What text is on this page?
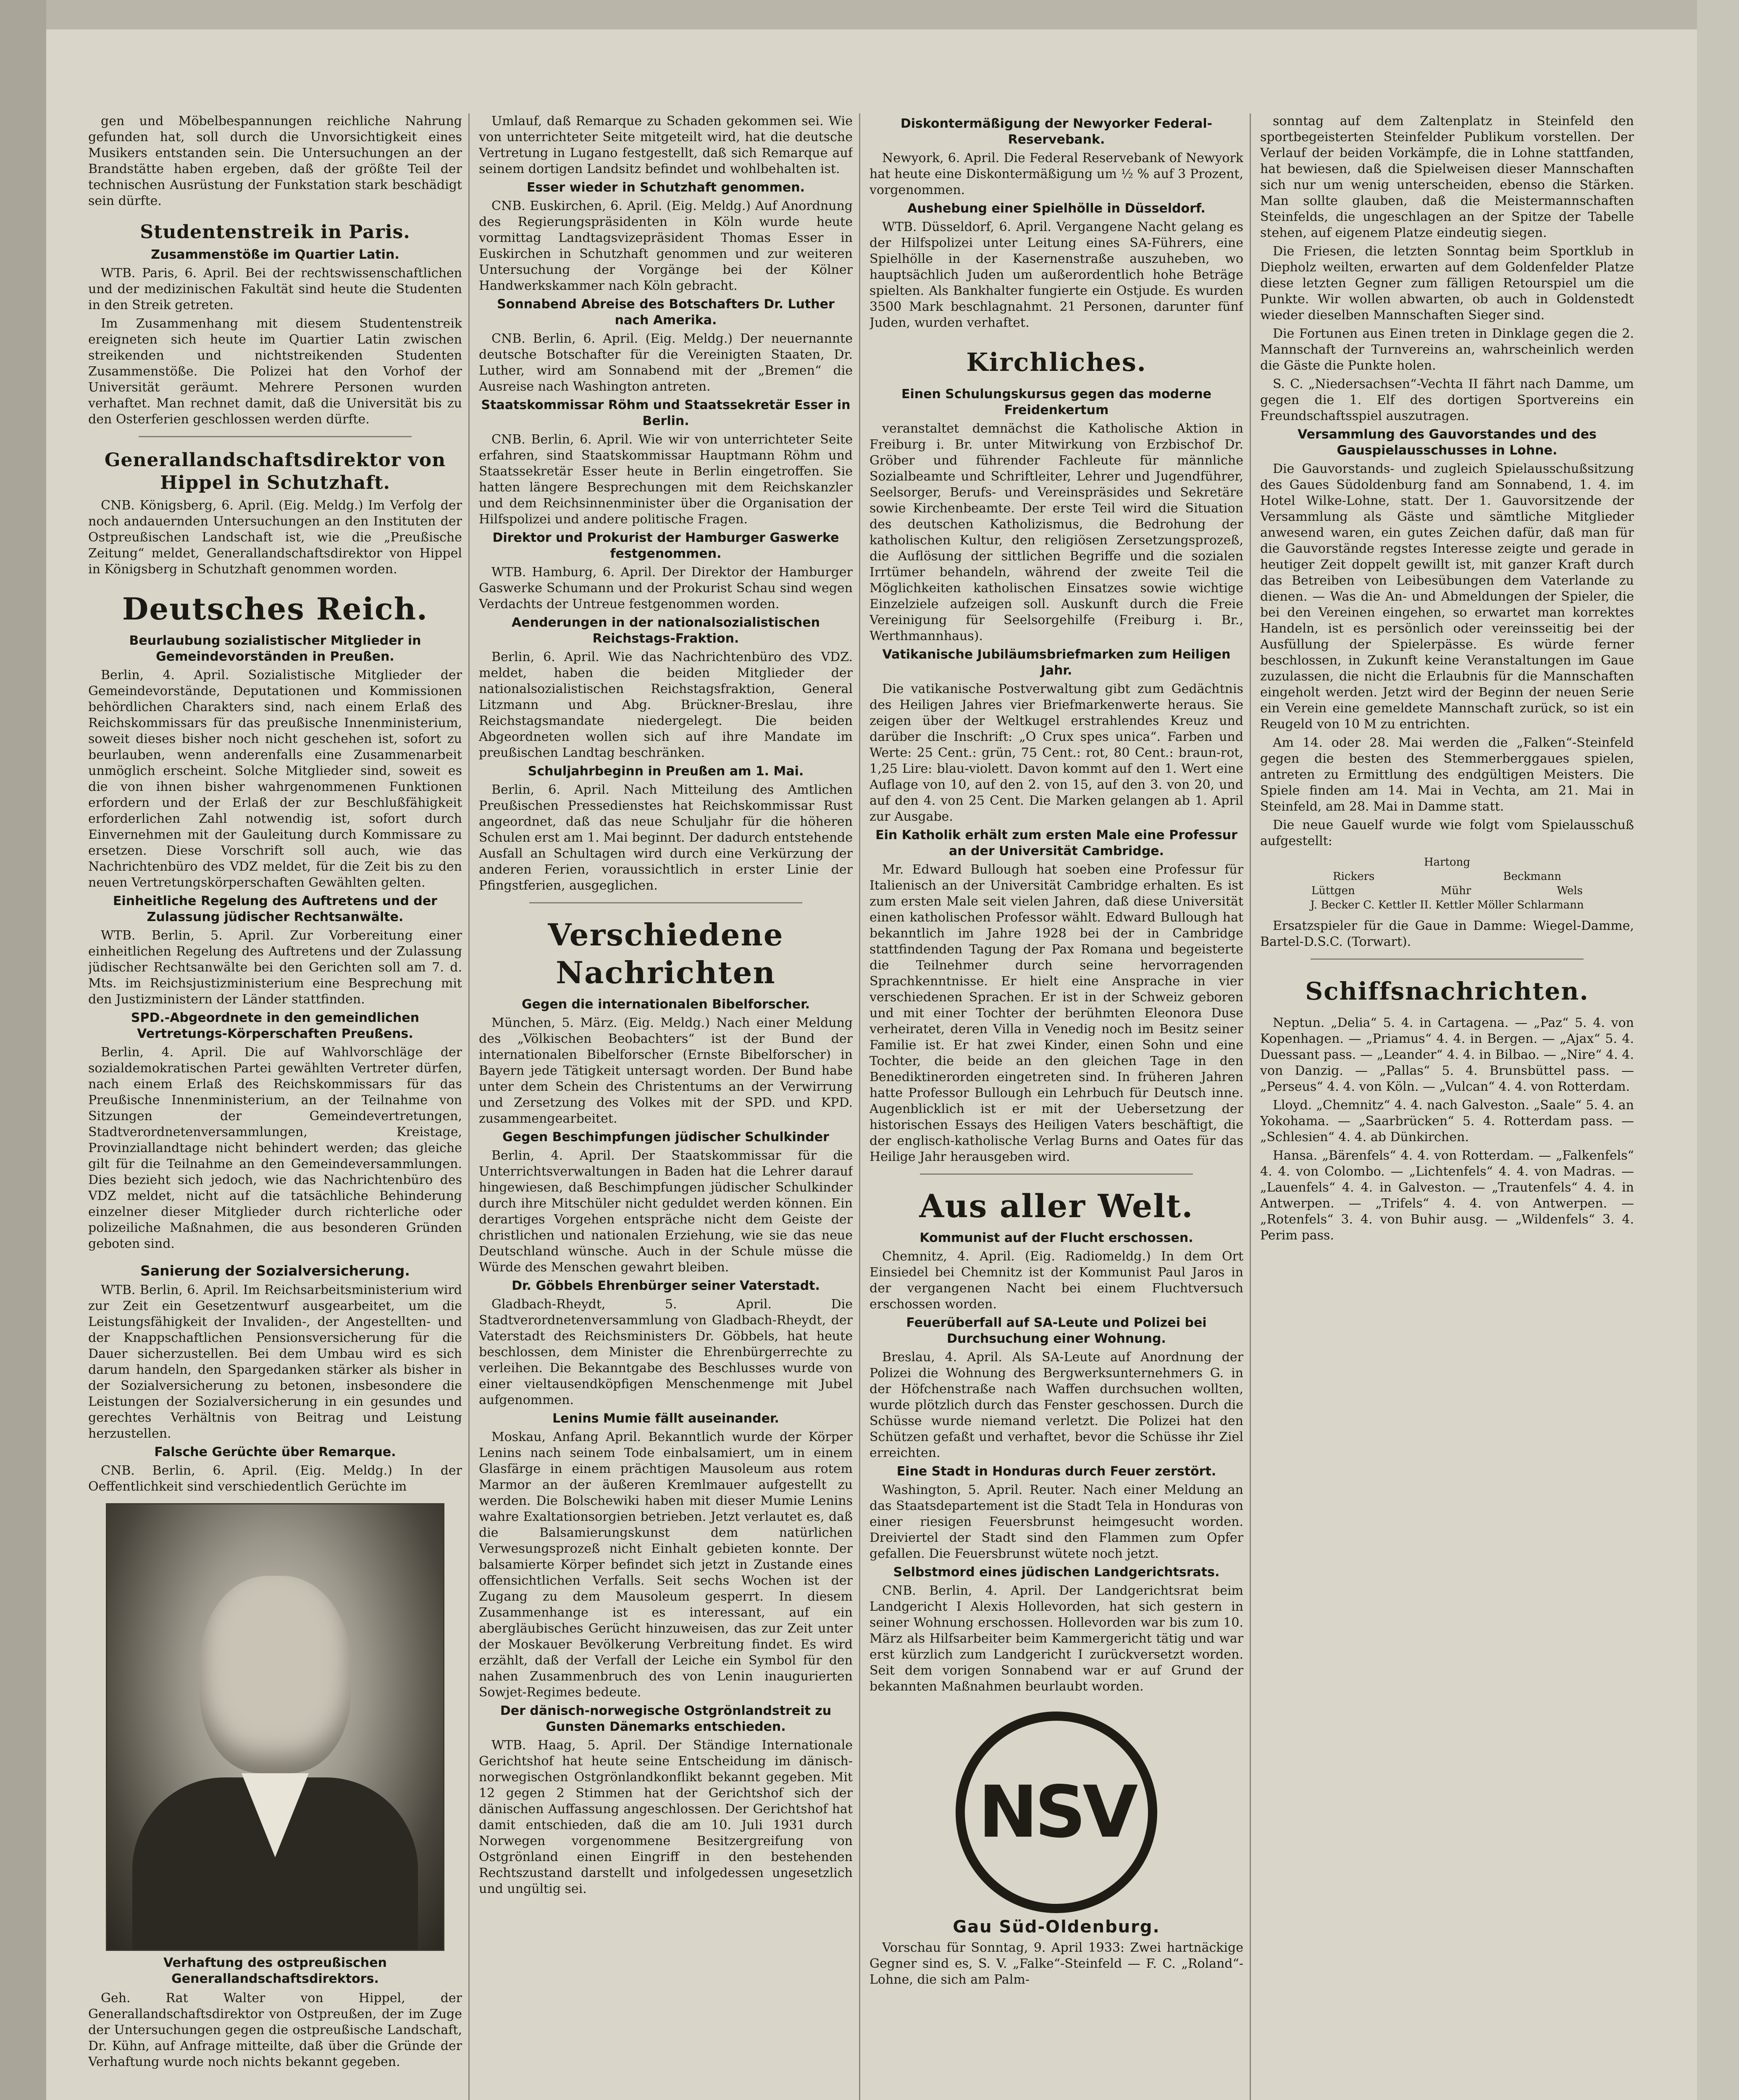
gen und Möbelbespannungen reichliche Nahrung gefunden hat, soll durch die Unvorsichtigkeit eines Musikers entstanden sein. Die Untersuchungen an der Brandstätte haben ergeben, daß der größte Teil der technischen Ausrüstung der Funkstation stark beschädigt sein dürfte.

Studentenstreik in Paris.
Zusammenstöße im Quartier Latin.

WTB. Paris, 6. April. Bei der rechtswissenschaftlichen und der medizinischen Fakultät sind heute die Studenten in den Streik getreten.

Im Zusammenhang mit diesem Studentenstreik ereigneten sich heute im Quartier Latin zwischen streikenden und nichtstreikenden Studenten Zusammenstöße. Die Polizei hat den Vorhof der Universität geräumt. Mehrere Personen wurden verhaftet. Man rechnet damit, daß die Universität bis zu den Osterferien geschlossen werden dürfte.

Generallandschaftsdirektor von Hippel in Schutzhaft.

CNB. Königsberg, 6. April. (Eig. Meldg.) Im Verfolg der noch andauernden Untersuchungen an den Instituten der Ostpreußischen Landschaft ist, wie die „Preußische Zeitung“ meldet, Generallandschaftsdirektor von Hippel in Königsberg in Schutzhaft genommen worden.

Deutsches Reich.
Beurlaubung sozialistischer Mitglieder in Gemeindevorständen in Preußen.

Berlin, 4. April. Sozialistische Mitglieder der Gemeindevorstände, Deputationen und Kommissionen behördlichen Charakters sind, nach einem Erlaß des Reichskommissars für das preußische Innenministerium, soweit dieses bisher noch nicht geschehen ist, sofort zu beurlauben, wenn anderenfalls eine Zusammenarbeit unmöglich erscheint. Solche Mitglieder sind, soweit es die von ihnen bisher wahrgenommenen Funktionen erfordern und der Erlaß der zur Beschlußfähigkeit erforderlichen Zahl notwendig ist, sofort durch Einvernehmen mit der Gauleitung durch Kommissare zu ersetzen. Diese Vorschrift soll auch, wie das Nachrichtenbüro des VDZ meldet, für die Zeit bis zu den neuen Vertretungskörperschaften Gewählten gelten.

Einheitliche Regelung des Auftretens und der Zulassung jüdischer Rechtsanwälte.

WTB. Berlin, 5. April. Zur Vorbereitung einer einheitlichen Regelung des Auftretens und der Zulassung jüdischer Rechtsanwälte bei den Gerichten soll am 7. d. Mts. im Reichsjustizministerium eine Besprechung mit den Justizministern der Länder stattfinden.

SPD.-Abgeordnete in den gemeindlichen Vertretungs-Körperschaften Preußens.

Berlin, 4. April. Die auf Wahlvorschläge der sozialdemokratischen Partei gewählten Vertreter dürfen, nach einem Erlaß des Reichskommissars für das Preußische Innenministerium, an der Teilnahme von Sitzungen der Gemeindevertretungen, Stadtverordnetenversammlungen, Kreistage, Provinziallandtage nicht behindert werden; das gleiche gilt für die Teilnahme an den Gemeindeversammlungen. Dies bezieht sich jedoch, wie das Nachrichtenbüro des VDZ meldet, nicht auf die tatsächliche Behinderung einzelner dieser Mitglieder durch richterliche oder polizeiliche Maßnahmen, die aus besonderen Gründen geboten sind.

Sanierung der Sozialversicherung.

WTB. Berlin, 6. April. Im Reichsarbeitsministerium wird zur Zeit ein Gesetzentwurf ausgearbeitet, um die Leistungsfähigkeit der Invaliden-, der Angestellten- und der Knappschaftlichen Pensionsversicherung für die Dauer sicherzustellen. Bei dem Umbau wird es sich darum handeln, den Spargedanken stärker als bisher in der Sozialversicherung zu betonen, insbesondere die Leistungen der Sozialversicherung in ein gesundes und gerechtes Verhältnis von Beitrag und Leistung herzustellen.

Falsche Gerüchte über Remarque.

CNB. Berlin, 6. April. (Eig. Meldg.) In der Oeffentlichkeit sind verschiedentlich Gerüchte im

Verhaftung des ostpreußischen Generallandschaftsdirektors.

Geh. Rat Walter von Hippel, der Generallandschaftsdirektor von Ostpreußen, der im Zuge der Untersuchungen gegen die ostpreußische Landschaft, Dr. Kühn, auf Anfrage mitteilte, daß über die Gründe der Verhaftung wurde noch nichts bekannt gegeben.

Umlauf, daß Remarque zu Schaden gekommen sei. Wie von unterrichteter Seite mitgeteilt wird, hat die deutsche Vertretung in Lugano festgestellt, daß sich Remarque auf seinem dortigen Landsitz befindet und wohlbehalten ist.

Esser wieder in Schutzhaft genommen.

CNB. Euskirchen, 6. April. (Eig. Meldg.) Auf Anordnung des Regierungspräsidenten in Köln wurde heute vormittag Landtagsvizepräsident Thomas Esser in Euskirchen in Schutzhaft genommen und zur weiteren Untersuchung der Vorgänge bei der Kölner Handwerkskammer nach Köln gebracht.

Sonnabend Abreise des Botschafters Dr. Luther nach Amerika.

CNB. Berlin, 6. April. (Eig. Meldg.) Der neuernannte deutsche Botschafter für die Vereinigten Staaten, Dr. Luther, wird am Sonnabend mit der „Bremen“ die Ausreise nach Washington antreten.

Staatskommissar Röhm und Staatssekretär Esser in Berlin.

CNB. Berlin, 6. April. Wie wir von unterrichteter Seite erfahren, sind Staatskommissar Hauptmann Röhm und Staatssekretär Esser heute in Berlin eingetroffen. Sie hatten längere Besprechungen mit dem Reichskanzler und dem Reichsinnenminister über die Organisation der Hilfspolizei und andere politische Fragen.

Direktor und Prokurist der Hamburger Gaswerke festgenommen.

WTB. Hamburg, 6. April. Der Direktor der Hamburger Gaswerke Schumann und der Prokurist Schau sind wegen Verdachts der Untreue festgenommen worden.

Aenderungen in der nationalsozialistischen Reichstags-Fraktion.

Berlin, 6. April. Wie das Nachrichtenbüro des VDZ. meldet, haben die beiden Mitglieder der nationalsozialistischen Reichstagsfraktion, General Litzmann und Abg. Brückner-Breslau, ihre Reichstagsmandate niedergelegt. Die beiden Abgeordneten wollen sich auf ihre Mandate im preußischen Landtag beschränken.

Schuljahrbeginn in Preußen am 1. Mai.

Berlin, 6. April. Nach Mitteilung des Amtlichen Preußischen Pressedienstes hat Reichskommissar Rust angeordnet, daß das neue Schuljahr für die höheren Schulen erst am 1. Mai beginnt. Der dadurch entstehende Ausfall an Schultagen wird durch eine Verkürzung der anderen Ferien, voraussichtlich in erster Linie der Pfingstferien, ausgeglichen.

Verschiedene Nachrichten
Gegen die internationalen Bibelforscher.

München, 5. März. (Eig. Meldg.) Nach einer Meldung des „Völkischen Beobachters“ ist der Bund der internationalen Bibelforscher (Ernste Bibelforscher) in Bayern jede Tätigkeit untersagt worden. Der Bund habe unter dem Schein des Christentums an der Verwirrung und Zersetzung des Volkes mit der SPD. und KPD. zusammengearbeitet.

Gegen Beschimpfungen jüdischer Schulkinder

Berlin, 4. April. Der Staatskommissar für die Unterrichtsverwaltungen in Baden hat die Lehrer darauf hingewiesen, daß Beschimpfungen jüdischer Schulkinder durch ihre Mitschüler nicht geduldet werden können. Ein derartiges Vorgehen entspräche nicht dem Geiste der christlichen und nationalen Erziehung, wie sie das neue Deutschland wünsche. Auch in der Schule müsse die Würde des Menschen gewahrt bleiben.

Dr. Göbbels Ehrenbürger seiner Vaterstadt.

Gladbach-Rheydt, 5. April. Die Stadtverordnetenversammlung von Gladbach-Rheydt, der Vaterstadt des Reichsministers Dr. Göbbels, hat heute beschlossen, dem Minister die Ehrenbürgerrechte zu verleihen. Die Bekanntgabe des Beschlusses wurde von einer vieltausendköpfigen Menschenmenge mit Jubel aufgenommen.

Lenins Mumie fällt auseinander.

Moskau, Anfang April. Bekanntlich wurde der Körper Lenins nach seinem Tode einbalsamiert, um in einem Glasfärge in einem prächtigen Mausoleum aus rotem Marmor an der äußeren Kremlmauer aufgestellt zu werden. Die Bolschewiki haben mit dieser Mumie Lenins wahre Exaltationsorgien betrieben. Jetzt verlautet es, daß die Balsamierungskunst dem natürlichen Verwesungsprozeß nicht Einhalt gebieten konnte. Der balsamierte Körper befindet sich jetzt in Zustande eines offensichtlichen Verfalls. Seit sechs Wochen ist der Zugang zu dem Mausoleum gesperrt. In diesem Zusammenhange ist es interessant, auf ein abergläubisches Gerücht hinzuweisen, das zur Zeit unter der Moskauer Bevölkerung Verbreitung findet. Es wird erzählt, daß der Verfall der Leiche ein Symbol für den nahen Zusammenbruch des von Lenin inaugurierten Sowjet-Regimes bedeute.

Der dänisch-norwegische Ostgrönlandstreit zu Gunsten Dänemarks entschieden.

WTB. Haag, 5. April. Der Ständige Internationale Gerichtshof hat heute seine Entscheidung im dänisch-norwegischen Ostgrönlandkonflikt bekannt gegeben. Mit 12 gegen 2 Stimmen hat der Gerichtshof sich der dänischen Auffassung angeschlossen. Der Gerichtshof hat damit entschieden, daß die am 10. Juli 1931 durch Norwegen vorgenommene Besitzergreifung von Ostgrönland einen Eingriff in den bestehenden Rechtszustand darstellt und infolgedessen ungesetzlich und ungültig sei.

Diskontermäßigung der Newyorker Federal-Reservebank.

Newyork, 6. April. Die Federal Reservebank of Newyork hat heute eine Diskontermäßigung um ½ % auf 3 Prozent, vorgenommen.

Aushebung einer Spielhölle in Düsseldorf.

WTB. Düsseldorf, 6. April. Vergangene Nacht gelang es der Hilfspolizei unter Leitung eines SA-Führers, eine Spielhölle in der Kasernenstraße auszuheben, wo hauptsächlich Juden um außerordentlich hohe Beträge spielten. Als Bankhalter fungierte ein Ostjude. Es wurden 3500 Mark beschlagnahmt. 21 Personen, darunter fünf Juden, wurden verhaftet.

Kirchliches.
Einen Schulungskursus gegen das moderne Freidenkertum

veranstaltet demnächst die Katholische Aktion in Freiburg i. Br. unter Mitwirkung von Erzbischof Dr. Gröber und führender Fachleute für männliche Sozialbeamte und Schriftleiter, Lehrer und Jugendführer, Seelsorger, Berufs- und Vereinspräsides und Sekretäre sowie Kirchenbeamte. Der erste Teil wird die Situation des deutschen Katholizismus, die Bedrohung der katholischen Kultur, den religiösen Zersetzungsprozeß, die Auflösung der sittlichen Begriffe und die sozialen Irrtümer behandeln, während der zweite Teil die Möglichkeiten katholischen Einsatzes sowie wichtige Einzelziele aufzeigen soll. Auskunft durch die Freie Vereinigung für Seelsorgehilfe (Freiburg i. Br., Werthmannhaus).

Vatikanische Jubiläumsbriefmarken zum Heiligen Jahr.

Die vatikanische Postverwaltung gibt zum Gedächtnis des Heiligen Jahres vier Briefmarkenwerte heraus. Sie zeigen über der Weltkugel erstrahlendes Kreuz und darüber die Inschrift: „O Crux spes unica“. Farben und Werte: 25 Cent.: grün, 75 Cent.: rot, 80 Cent.: braun-rot, 1,25 Lire: blau-violett. Davon kommt auf den 1. Wert eine Auflage von 10, auf den 2. von 15, auf den 3. von 20, und auf den 4. von 25 Cent. Die Marken gelangen ab 1. April zur Ausgabe.

Ein Katholik erhält zum ersten Male eine Professur an der Universität Cambridge.

Mr. Edward Bullough hat soeben eine Professur für Italienisch an der Universität Cambridge erhalten. Es ist zum ersten Male seit vielen Jahren, daß diese Universität einen katholischen Professor wählt. Edward Bullough hat bekanntlich im Jahre 1928 bei der in Cambridge stattfindenden Tagung der Pax Romana und begeisterte die Teilnehmer durch seine hervorragenden Sprachkenntnisse. Er hielt eine Ansprache in vier verschiedenen Sprachen. Er ist in der Schweiz geboren und mit einer Tochter der berühmten Eleonora Duse verheiratet, deren Villa in Venedig noch im Besitz seiner Familie ist. Er hat zwei Kinder, einen Sohn und eine Tochter, die beide an den gleichen Tage in den Benediktinerorden eingetreten sind. In früheren Jahren hatte Professor Bullough ein Lehrbuch für Deutsch inne. Augenblicklich ist er mit der Uebersetzung der historischen Essays des Heiligen Vaters beschäftigt, die der englisch-katholische Verlag Burns and Oates für das Heilige Jahr herausgeben wird.

Aus aller Welt.
Kommunist auf der Flucht erschossen.

Chemnitz, 4. April. (Eig. Radiomeldg.) In dem Ort Einsiedel bei Chemnitz ist der Kommunist Paul Jaros in der vergangenen Nacht bei einem Fluchtversuch erschossen worden.

Feuerüberfall auf SA-Leute und Polizei bei Durchsuchung einer Wohnung.

Breslau, 4. April. Als SA-Leute auf Anordnung der Polizei die Wohnung des Bergwerksunternehmers G. in der Höfchenstraße nach Waffen durchsuchen wollten, wurde plötzlich durch das Fenster geschossen. Durch die Schüsse wurde niemand verletzt. Die Polizei hat den Schützen gefaßt und verhaftet, bevor die Schüsse ihr Ziel erreichten.

Eine Stadt in Honduras durch Feuer zerstört.

Washington, 5. April. Reuter. Nach einer Meldung an das Staatsdepartement ist die Stadt Tela in Honduras von einer riesigen Feuersbrunst heimgesucht worden. Dreiviertel der Stadt sind den Flammen zum Opfer gefallen. Die Feuersbrunst wütete noch jetzt.

Selbstmord eines jüdischen Landgerichtsrats.

CNB. Berlin, 4. April. Der Landgerichtsrat beim Landgericht I Alexis Hollevorden, hat sich gestern in seiner Wohnung erschossen. Hollevorden war bis zum 10. März als Hilfsarbeiter beim Kammergericht tätig und war erst kürzlich zum Landgericht I zurückversetzt worden. Seit dem vorigen Sonnabend war er auf Grund der bekannten Maßnahmen beurlaubt worden.

NSV
Gau Süd-Oldenburg.

Vorschau für Sonntag, 9. April 1933: Zwei hartnäckige Gegner sind es, S. V. „Falke“-Steinfeld — F. C. „Roland“-Lohne, die sich am Palm-

sonntag auf dem Zaltenplatz in Steinfeld den sportbegeisterten Steinfelder Publikum vorstellen. Der Verlauf der beiden Vorkämpfe, die in Lohne stattfanden, hat bewiesen, daß die Spielweisen dieser Mannschaften sich nur um wenig unterscheiden, ebenso die Stärken. Man sollte glauben, daß die Meistermannschaften Steinfelds, die ungeschlagen an der Spitze der Tabelle stehen, auf eigenem Platze eindeutig siegen.

Die Friesen, die letzten Sonntag beim Sportklub in Diepholz weilten, erwarten auf dem Goldenfelder Platze diese letzten Gegner zum fälligen Retourspiel um die Punkte. Wir wollen abwarten, ob auch in Goldenstedt wieder dieselben Mannschaften Sieger sind.

Die Fortunen aus Einen treten in Dinklage gegen die 2. Mannschaft der Turnvereins an, wahrscheinlich werden die Gäste die Punkte holen.

S. C. „Niedersachsen“-Vechta II fährt nach Damme, um gegen die 1. Elf des dortigen Sportvereins ein Freundschaftsspiel auszutragen.

Versammlung des Gauvorstandes und des Gauspielausschusses in Lohne.

Die Gauvorstands- und zugleich Spielausschußsitzung des Gaues Südoldenburg fand am Sonnabend, 1. 4. im Hotel Wilke-Lohne, statt. Der 1. Gauvorsitzende der Versammlung als Gäste und sämtliche Mitglieder anwesend waren, ein gutes Zeichen dafür, daß man für die Gauvorstände regstes Interesse zeigte und gerade in heutiger Zeit doppelt gewillt ist, mit ganzer Kraft durch das Betreiben von Leibesübungen dem Vaterlande zu dienen. — Was die An- und Abmeldungen der Spieler, die bei den Vereinen eingehen, so erwartet man korrektes Handeln, ist es persönlich oder vereinsseitig bei der Ausfüllung der Spielerpässe. Es würde ferner beschlossen, in Zukunft keine Veranstaltungen im Gaue zuzulassen, die nicht die Erlaubnis für die Mannschaften eingeholt werden. Jetzt wird der Beginn der neuen Serie ein Verein eine gemeldete Mannschaft zurück, so ist ein Reugeld von 10 M zu entrichten.

Am 14. oder 28. Mai werden die „Falken“-Steinfeld gegen die besten des Stemmerberggaues spielen, antreten zu Ermittlung des endgültigen Meisters. Die Spiele finden am 14. Mai in Vechta, am 21. Mai in Steinfeld, am 28. Mai in Damme statt.

Die neue Gauelf wurde wie folgt vom Spielausschuß aufgestellt:

Hartong
Rickers	Beckmann
Lüttgen	Mühr	Wels
J. Becker C. Kettler II. Kettler Möller Schlarmann

Ersatzspieler für die Gaue in Damme: Wiegel-Damme, Bartel-D.S.C. (Torwart).

Schiffsnachrichten.

Neptun. „Delia“ 5. 4. in Cartagena. — „Paz“ 5. 4. von Kopenhagen. — „Priamus“ 4. 4. in Bergen. — „Ajax“ 5. 4. Duessant pass. — „Leander“ 4. 4. in Bilbao. — „Nire“ 4. 4. von Danzig. — „Pallas“ 5. 4. Brunsbüttel pass. — „Perseus“ 4. 4. von Köln. — „Vulcan“ 4. 4. von Rotterdam.

Lloyd. „Chemnitz“ 4. 4. nach Galveston. „Saale“ 5. 4. an Yokohama. — „Saarbrücken“ 5. 4. Rotterdam pass. — „Schlesien“ 4. 4. ab Dünkirchen.

Hansa. „Bärenfels“ 4. 4. von Rotterdam. — „Falkenfels“ 4. 4. von Colombo. — „Lichtenfels“ 4. 4. von Madras. — „Lauenfels“ 4. 4. in Galveston. — „Trautenfels“ 4. 4. in Antwerpen. — „Trifels“ 4. 4. von Antwerpen. — „Rotenfels“ 3. 4. von Buhir ausg. — „Wildenfels“ 3. 4. Perim pass.
